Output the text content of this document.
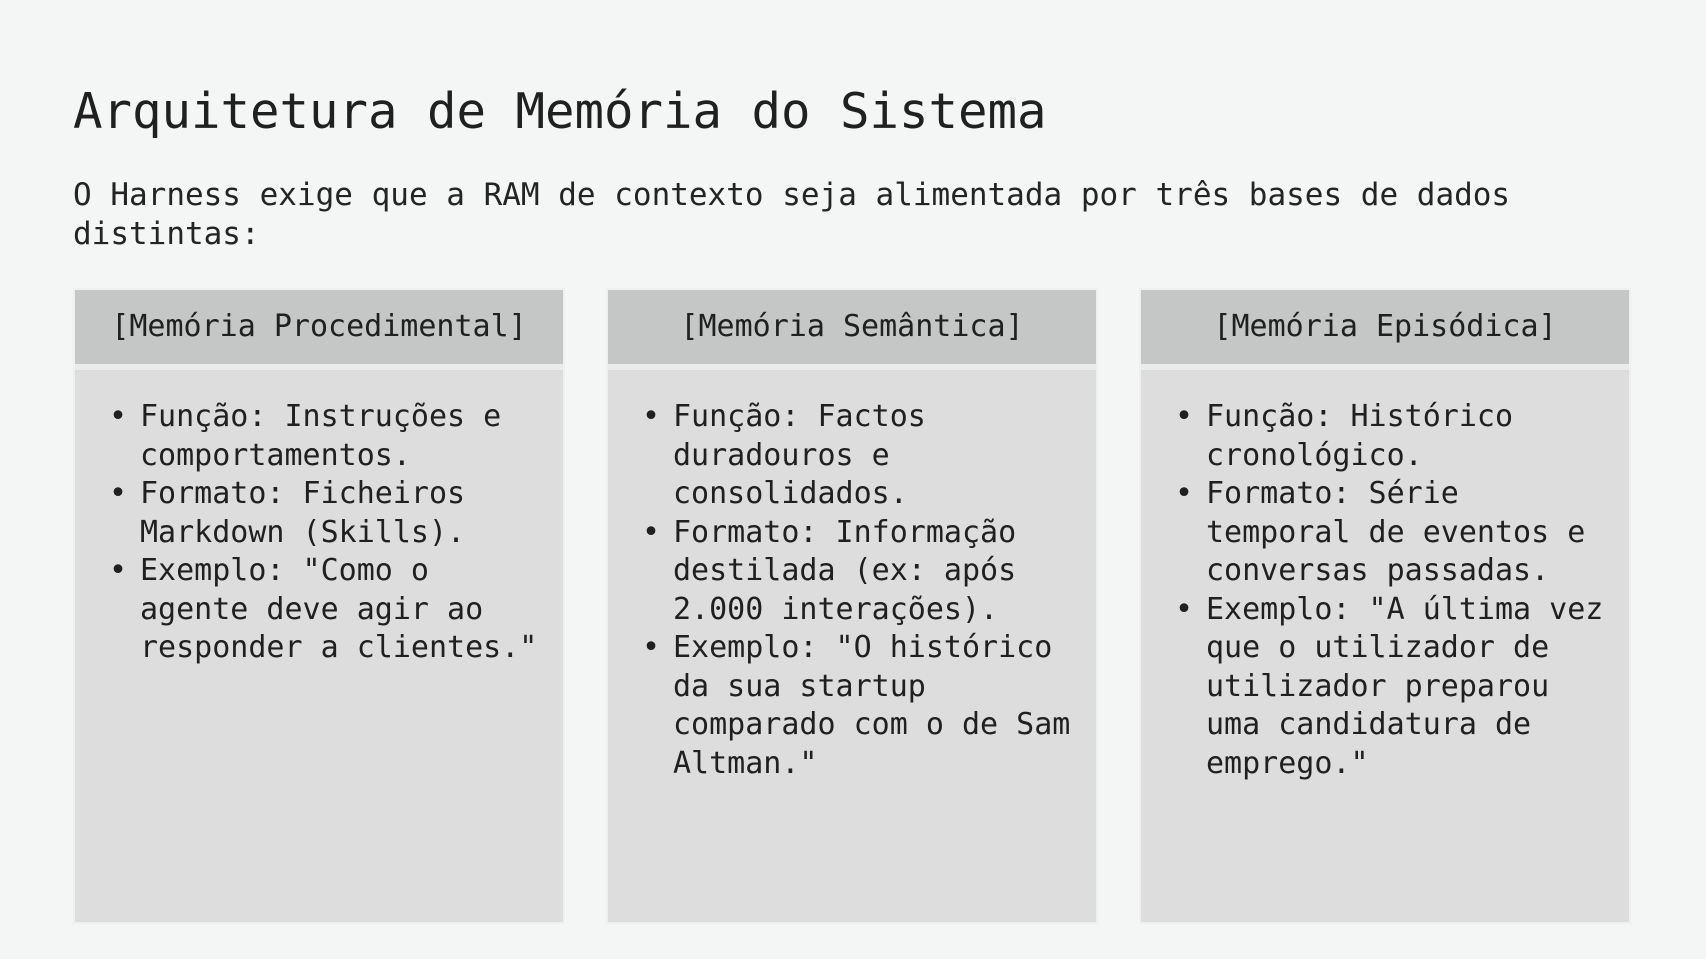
Arquitetura de Memória do Sistema

O Harness exige que a RAM de contexto seja alimentada por três bases de dados distintas:

[Memória Procedimental]
• Função: Instruções e comportamentos.
• Formato: Ficheiros Markdown (Skills).
• Exemplo: "Como o agente deve agir ao responder a clientes."
[Memória Semântica]
• Função: Factos duradouros e consolidados.
• Formato: Informação destilada (ex: após 2.000 interações).
• Exemplo: "O histórico da sua startup comparado com o de Sam Altman."
[Memória Episódica]
• Função: Histórico cronológico.
• Formato: Série temporal de eventos e conversas passadas.
• Exemplo: "A última vez que o utilizador de utilizador preparou uma candidatura de emprego."
